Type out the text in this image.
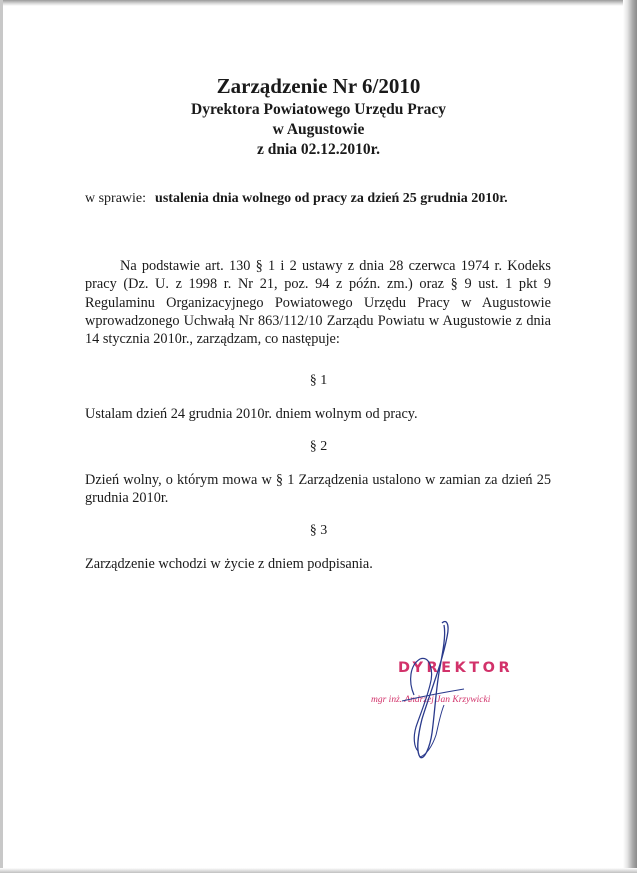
Zarządzenie Nr 6/2010
Dyrektora Powiatowego Urzędu Pracy
w Augustowie
z dnia 02.12.2010r.
w sprawie: ustalenia dnia wolnego od pracy za dzień 25 grudnia 2010r.

Na podstawie art. 130 § 1 i 2 ustawy z dnia 28 czerwca 1974 r. Kodeks pracy (Dz. U. z 1998 r. Nr 21, poz. 94 z późn. zm.) oraz § 9 ust. 1 pkt 9 Regulaminu Organizacyjnego Powiatowego Urzędu Pracy w Augustowie wprowadzonego Uchwałą Nr 863/112/10 Zarządu Powiatu w Augustowie z dnia 14 stycznia 2010r., zarządzam, co następuje:

§ 1

Ustalam dzień 24 grudnia 2010r. dniem wolnym od pracy.

§ 2

Dzień wolny, o którym mowa w § 1 Zarządzenia ustalono w zamian za dzień 25 grudnia 2010r.

§ 3

Zarządzenie wchodzi w życie z dniem podpisania.

DYREKTOR
mgr inż. Andrzej Jan Krzywicki
